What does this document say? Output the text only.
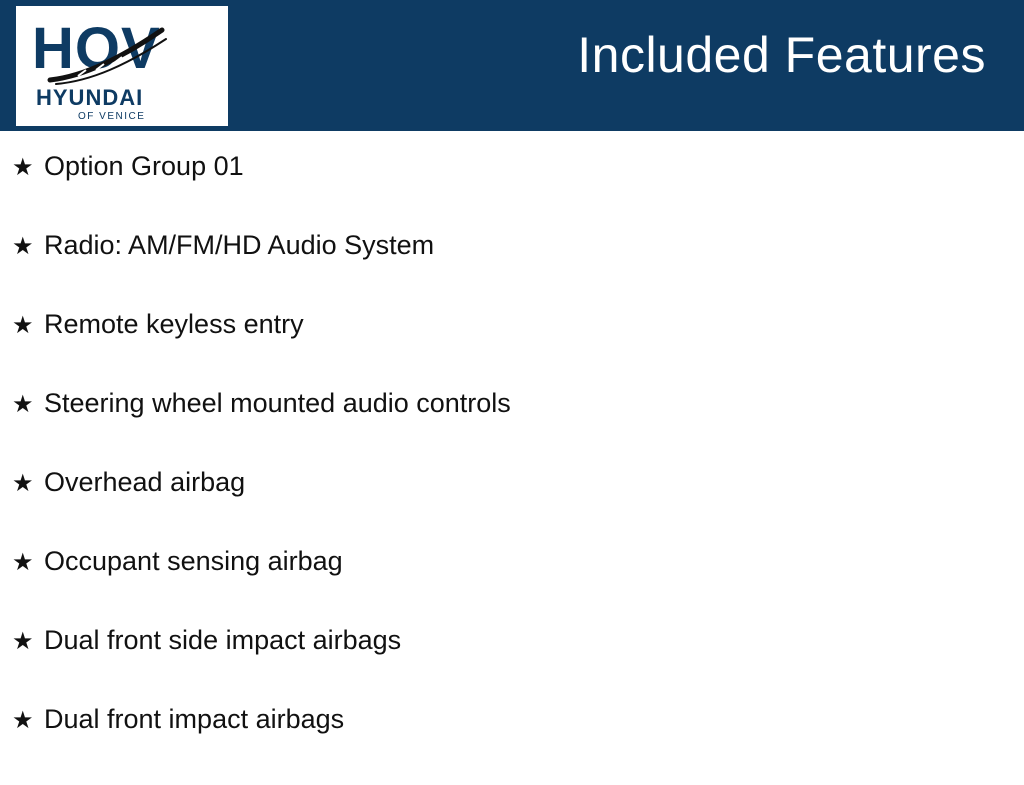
HOV
HYUNDAI
OF VENICE
Included Features
★ Option Group 01
★ Radio: AM/FM/HD Audio System
★ Remote keyless entry
★ Steering wheel mounted audio controls
★ Overhead airbag
★ Occupant sensing airbag
★ Dual front side impact airbags
★ Dual front impact airbags
